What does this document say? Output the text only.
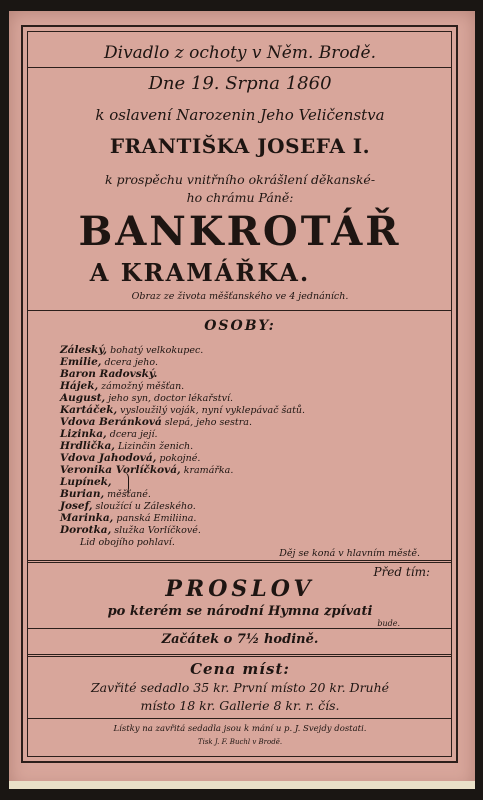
Divadlo z ochoty v Něm. Brodě.
Dne 19. Srpna 1860
k oslavení Narozenin Jeho Veličenstva
FRANTIŠKA JOSEFA I.
k prospěchu vnitřního okrášlení děkanské-
ho chrámu Páně:
BANKROTÁŘ
A KRAMÁŘKA.
Obraz ze života měšťanského ve 4 jednáních.
OSOBY:
Záleský, bohatý velkokupec.
Emilie, dcera jeho.
Baron Radovský.
Hájek, zámožný měšťan.
August, jeho syn, doctor lékařství.
Kartáček, vysloužilý voják, nyní vyklepávač šatů.
Vdova Beránková slepá, jeho sestra.
Lizinka, dcera její.
Hrdlička, Lizinčin ženich.
Vdova Jahodová, pokojné.
Veronika Vorlíčková, kramářka.
Lupínek,
Burian, měšťané.
Josef, sloužící u Záleského.
Marinka, panská Emiliina.
Dorotka, služka Vorlíčkové.
Lid obojího pohlaví.
Děj se koná v hlavním městě.
Před tím:
PROSLOV
po kterém se národní Hymna zpívati
bude.
Začátek o 7½ hodině.
Cena míst:
Zavřité sedadlo 35 kr. První místo 20 kr. Druhé
místo 18 kr. Gallerie 8 kr. r. čís.
Lístky na zavřitá sedadla jsou k mání u p. J. Svejdy dostati.
Tisk J. F. Buchl v Brodě.
